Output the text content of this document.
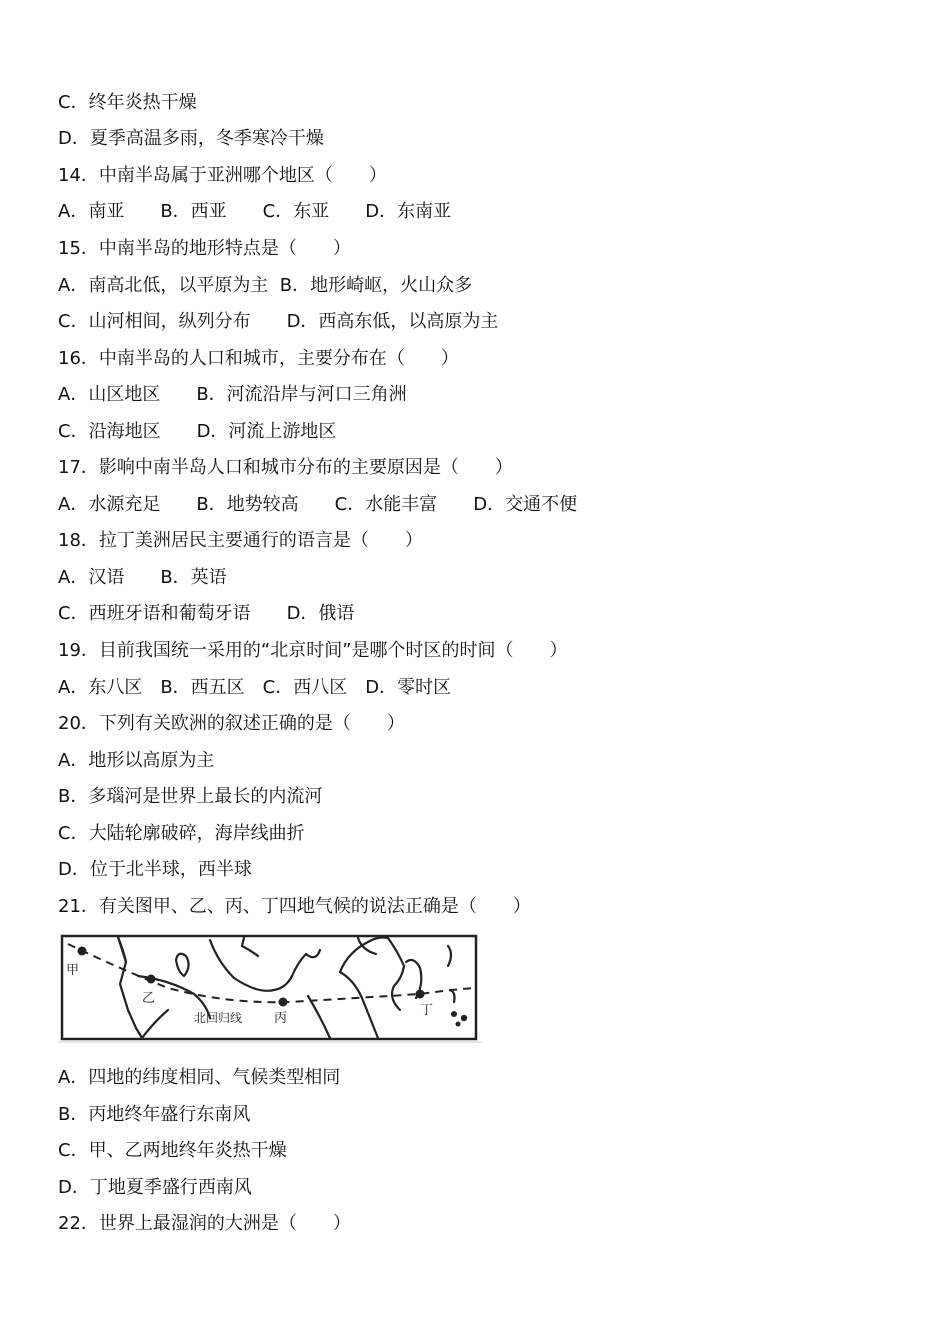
C．终年炎热干燥
D．夏季高温多雨，冬季寒冷干燥
14．中南半岛属于亚洲哪个地区（　　）
A．南亚　　B．西亚　　C．东亚　　D．东南亚
15．中南半岛的地形特点是（　　）
A．南高北低，以平原为主  B．地形崎岖，火山众多
C．山河相间，纵列分布　　D．西高东低，以高原为主
16．中南半岛的人口和城市，主要分布在（　　）
A．山区地区　　B．河流沿岸与河口三角洲
C．沿海地区　　D．河流上游地区
17．影响中南半岛人口和城市分布的主要原因是（　　）
A．水源充足　　B．地势较高　　C．水能丰富　　D．交通不便
18．拉丁美洲居民主要通行的语言是（　　）
A．汉语　　B．英语
C．西班牙语和葡萄牙语　　D．俄语
19．目前我国统一采用的“北京时间”是哪个时区的时间（　　）
A．东八区　B．西五区　C．西八区　D．零时区
20．下列有关欧洲的叙述正确的是（　　）
A．地形以高原为主
B．多瑙河是世界上最长的内流河
C．大陆轮廓破碎，海岸线曲折
D．位于北半球，西半球
21．有关图甲、乙、丙、丁四地气候的说法正确是（　　）
甲
乙
北回归线 丙
丁
A．四地的纬度相同、气候类型相同
B．丙地终年盛行东南风
C．甲、乙两地终年炎热干燥
D．丁地夏季盛行西南风
22．世界上最湿润的大洲是（　　）
